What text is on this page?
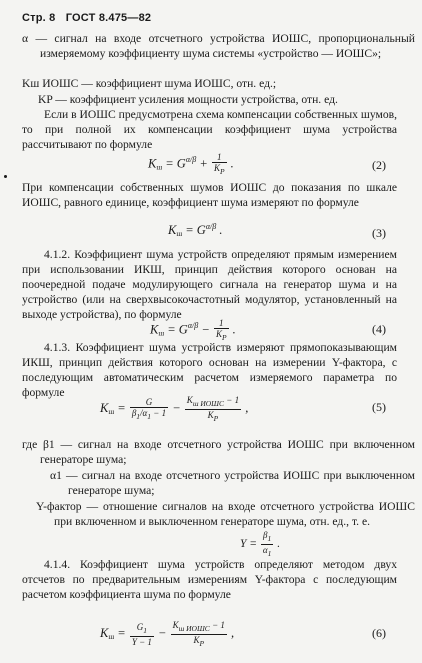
Стр. 8 ГОСТ 8.475—82
α — сигнал на входе отсчетного устройства ИОШС, пропорциональный измеряемому коэффициенту шума системы «устройство — ИОШС»;
Kш ИОШС — коэффициент шума ИОШС, отн. ед.;
KP — коэффициент усиления мощности устройства, отн. ед.
Если в ИОШС предусмотрена схема компенсации собственных шумов, то при полной их компенсации коэффициент шума устройства рассчитывают по формуле
$K_ш = G^{\alpha/\beta} + \frac{1}{K_P}$ .	(2)
При компенсации собственных шумов ИОШС до показания по шкале ИОШС, равного единице, коэффициент шума измеряют по формуле
$K_ш = G^{\alpha/\beta}$ .	(3)
4.1.2. Коэффициент шума устройств определяют прямым измерением при использовании ИКШ, принцип действия которого основан на поочередной подаче модулирующего сигнала на генератор шума и на устройство (или на сверхвысокочастотный модулятор, установленный на выходе устройства), по формуле
$K_ш = G^{\alpha/\beta} - \frac{1}{K_P}$ .	(4)
4.1.3. Коэффициент шума устройств измеряют прямопоказывающим ИКШ, принцип действия которого основан на измерении Y-фактора, с последующим автоматическим расчетом измеряемого параметра по формуле
$K_ш = \frac{G}{\beta_1/\alpha_1 - 1} - \frac{K_{ш ИОШС} - 1}{K_P}$ ,	(5)
где β1 — сигнал на входе отсчетного устройства ИОШС при включенном генераторе шума;
α1 — сигнал на входе отсчетного устройства ИОШС при выключенном генераторе шума;
Y-фактор — отношение сигналов на входе отсчетного устройства ИОШС при включенном и выключенном генераторе шума, отн. ед., т. е.
$Y = \frac{\beta_1}{\alpha_1}$ .
4.1.4. Коэффициент шума устройств определяют методом двух отсчетов по предварительным измерениям Y-фактора с последующим расчетом коэффициента шума по формуле
$K_ш = \frac{G_1}{Y - 1} - \frac{K_{ш ИОШС} - 1}{K_P}$ ,	(6)
